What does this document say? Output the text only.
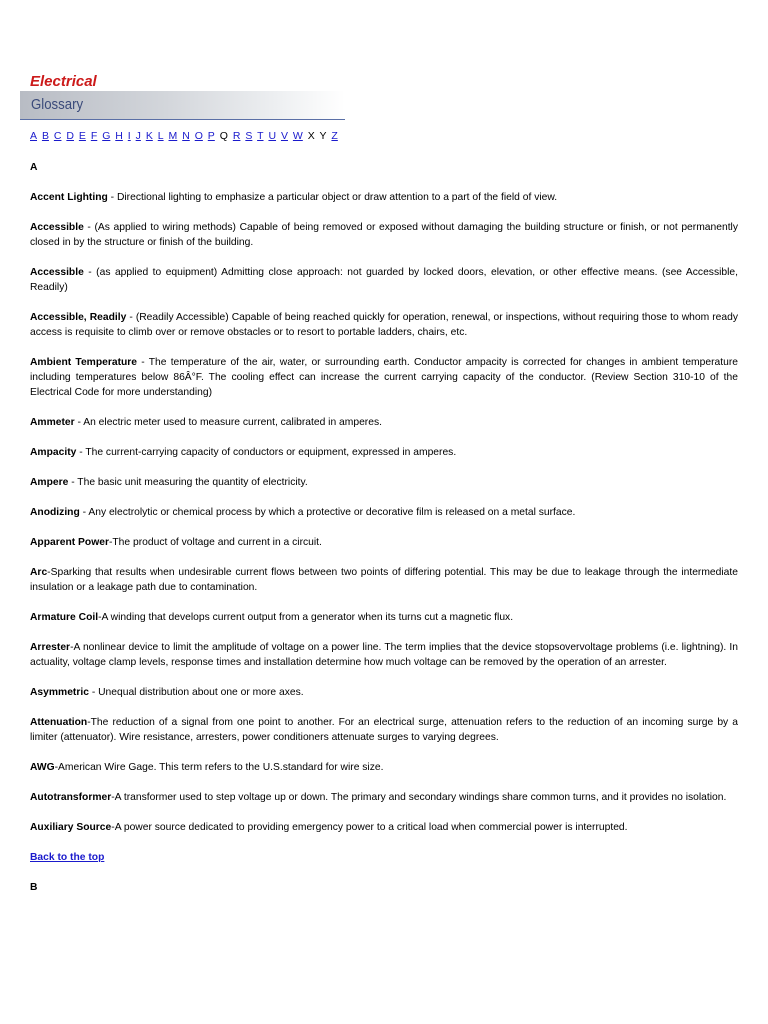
Electrical
Glossary
A B C D E F G H I J K L M N O P Q R S T U V W X Y Z
A
Accent Lighting - Directional lighting to emphasize a particular object or draw attention to a part of the field of view.
Accessible - (As applied to wiring methods) Capable of being removed or exposed without damaging the building structure or finish, or not permanently closed in by the structure or finish of the building.
Accessible - (as applied to equipment) Admitting close approach: not guarded by locked doors, elevation, or other effective means. (see Accessible, Readily)
Accessible, Readily - (Readily Accessible) Capable of being reached quickly for operation, renewal, or inspections, without requiring those to whom ready access is requisite to climb over or remove obstacles or to resort to portable ladders, chairs, etc.
Ambient Temperature - The temperature of the air, water, or surrounding earth. Conductor ampacity is corrected for changes in ambient temperature including temperatures below 86Â°F. The cooling effect can increase the current carrying capacity of the conductor. (Review Section 310-10 of the Electrical Code for more understanding)
Ammeter - An electric meter used to measure current, calibrated in amperes.
Ampacity - The current-carrying capacity of conductors or equipment, expressed in amperes.
Ampere - The basic unit measuring the quantity of electricity.
Anodizing - Any electrolytic or chemical process by which a protective or decorative film is released on a metal surface.
Apparent Power-The product of voltage and current in a circuit.
Arc-Sparking that results when undesirable current flows between two points of differing potential. This may be due to leakage through the intermediate insulation or a leakage path due to contamination.
Armature Coil-A winding that develops current output from a generator when its turns cut a magnetic flux.
Arrester-A nonlinear device to limit the amplitude of voltage on a power line. The term implies that the device stopsovervoltage problems (i.e. lightning). In actuality, voltage clamp levels, response times and installation determine how much voltage can be removed by the operation of an arrester.
Asymmetric - Unequal distribution about one or more axes.
Attenuation-The reduction of a signal from one point to another. For an electrical surge, attenuation refers to the reduction of an incoming surge by a limiter (attenuator). Wire resistance, arresters, power conditioners attenuate surges to varying degrees.
AWG-American Wire Gage. This term refers to the U.S.standard for wire size.
Autotransformer-A transformer used to step voltage up or down. The primary and secondary windings share common turns, and it provides no isolation.
Auxiliary Source-A power source dedicated to providing emergency power to a critical load when commercial power is interrupted.
Back to the top
B
